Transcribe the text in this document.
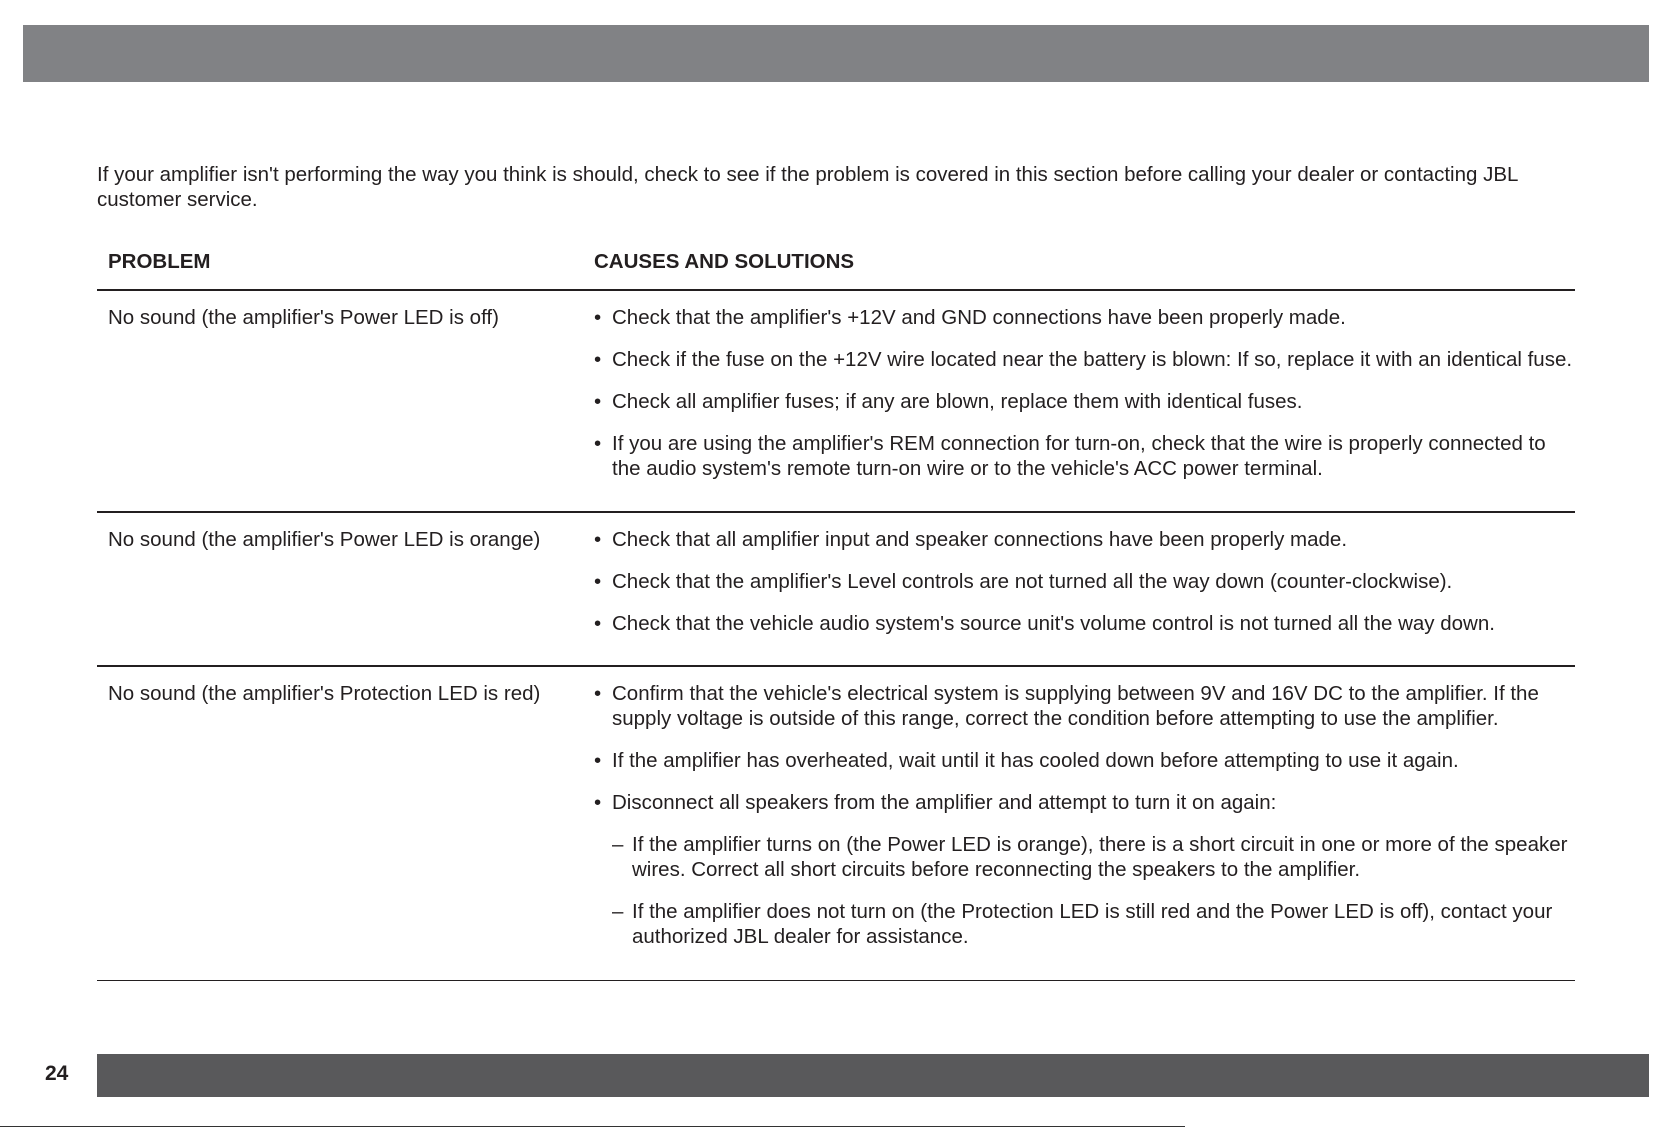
If your amplifier isn't performing the way you think is should, check to see if the problem is covered in this section before calling your dealer or contacting JBL customer service.

PROBLEM	CAUSES AND SOLUTIONS
No sound (the amplifier's Power LED is off)	• Check that the amplifier's +12V and GND connections have been properly made.
• Check if the fuse on the +12V wire located near the battery is blown: If so, replace it with an identical fuse.
• Check all amplifier fuses; if any are blown, replace them with identical fuses.
• If you are using the amplifier's REM connection for turn-on, check that the wire is properly connected to the audio system's remote turn-on wire or to the vehicle's ACC power terminal.
No sound (the amplifier's Power LED is orange)	• Check that all amplifier input and speaker connections have been properly made.
• Check that the amplifier's Level controls are not turned all the way down (counter-clockwise).
• Check that the vehicle audio system's source unit's volume control is not turned all the way down.
No sound (the amplifier's Protection LED is red)	• Confirm that the vehicle's electrical system is supplying between 9V and 16V DC to the amplifier. If the supply voltage is outside of this range, correct the condition before attempting to use the amplifier.
• If the amplifier has overheated, wait until it has cooled down before attempting to use it again.
• Disconnect all speakers from the amplifier and attempt to turn it on again:
– If the amplifier turns on (the Power LED is orange), there is a short circuit in one or more of the speaker wires. Correct all short circuits before reconnecting the speakers to the amplifier.
– If the amplifier does not turn on (the Protection LED is still red and the Power LED is off), contact your authorized JBL dealer for assistance.
24
